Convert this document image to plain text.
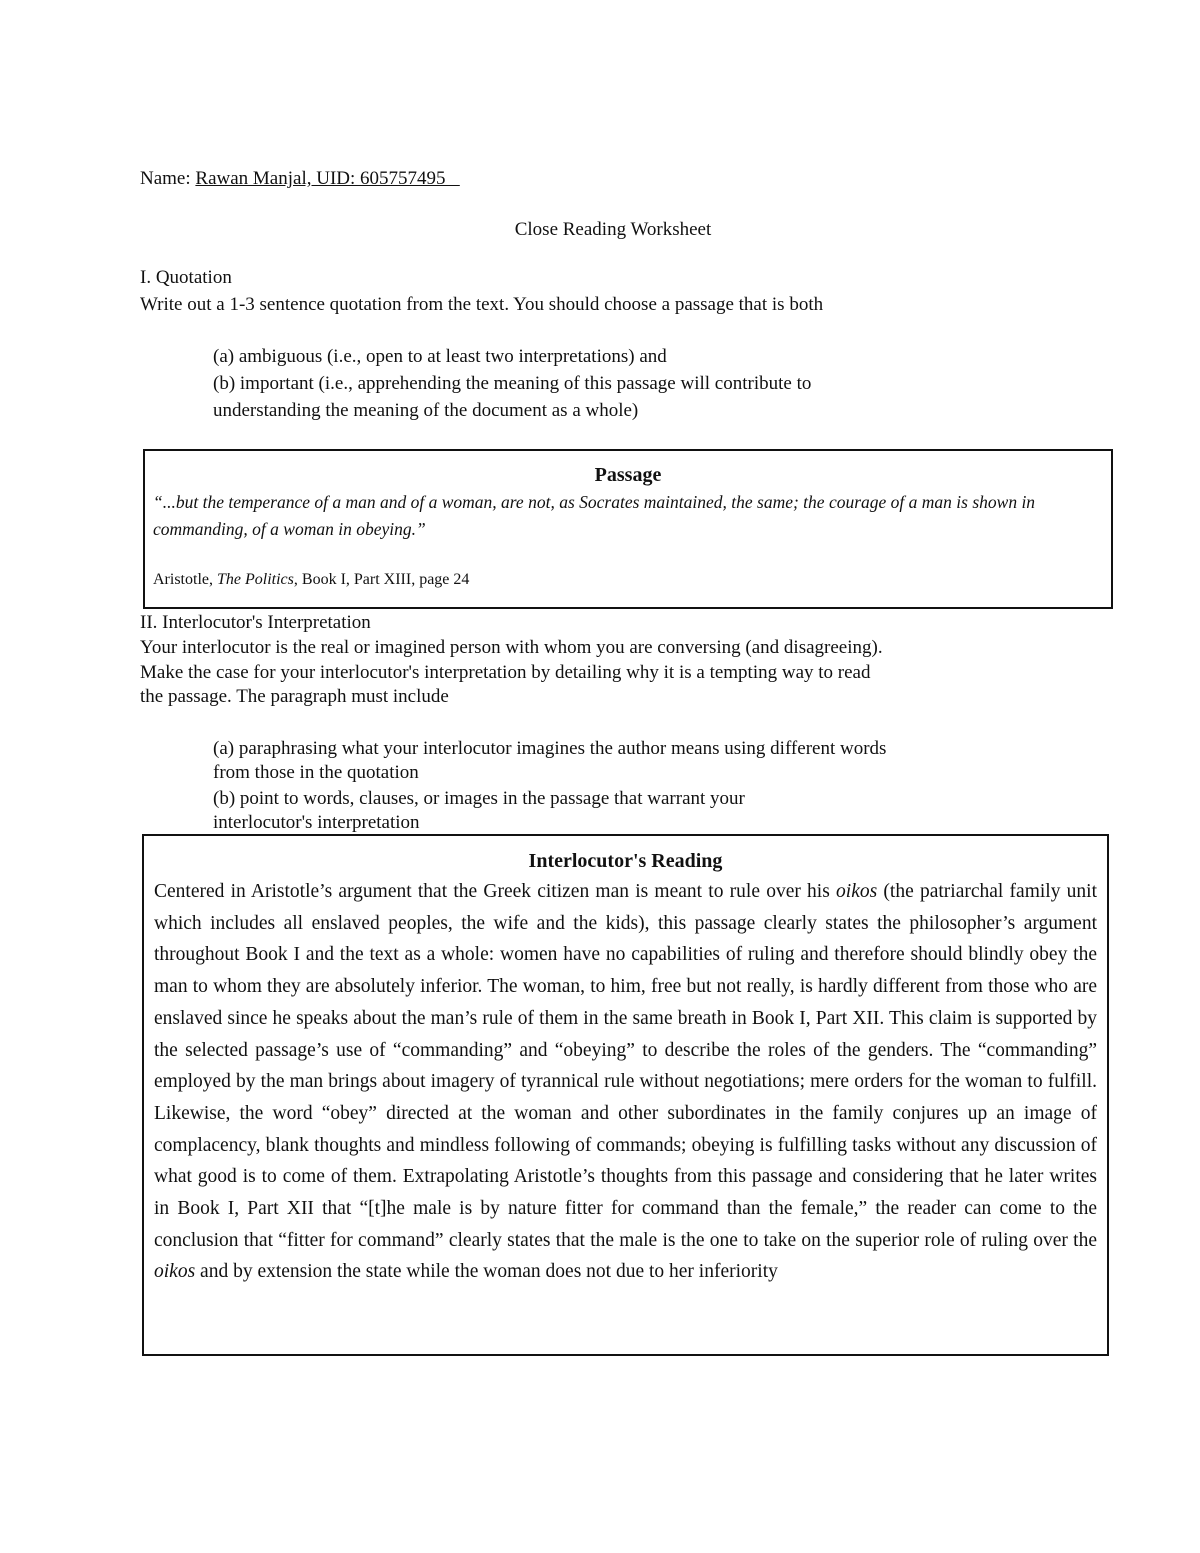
Name: Rawan Manjal, UID: 605757495
Close Reading Worksheet
I. Quotation
Write out a 1-3 sentence quotation from the text. You should choose a passage that is both
(a) ambiguous (i.e., open to at least two interpretations) and
(b) important (i.e., apprehending the meaning of this passage will contribute to
understanding the meaning of the document as a whole)
Passage
“...but the temperance of a man and of a woman, are not, as Socrates maintained, the same; the courage of a man is shown in commanding, of a woman in obeying.”
Aristotle, The Politics, Book I, Part XIII, page 24
II. Interlocutor's Interpretation
Your interlocutor is the real or imagined person with whom you are conversing (and disagreeing).
Make the case for your interlocutor's interpretation by detailing why it is a tempting way to read
the passage. The paragraph must include
(a) paraphrasing what your interlocutor imagines the author means using different words
from those in the quotation
(b) point to words, clauses, or images in the passage that warrant your
interlocutor's interpretation
Interlocutor's Reading
Centered in Aristotle’s argument that the Greek citizen man is meant to rule over his oikos (the patriarchal family unit which includes all enslaved peoples, the wife and the kids), this passage clearly states the philosopher’s argument throughout Book I and the text as a whole: women have no capabilities of ruling and therefore should blindly obey the man to whom they are absolutely inferior. The woman, to him, free but not really, is hardly different from those who are enslaved since he speaks about the man’s rule of them in the same breath in Book I, Part XII. This claim is supported by the selected passage’s use of “commanding” and “obeying” to describe the roles of the genders. The “commanding” employed by the man brings about imagery of tyrannical rule without negotiations; mere orders for the woman to fulfill. Likewise, the word “obey” directed at the woman and other subordinates in the family conjures up an image of complacency, blank thoughts and mindless following of commands; obeying is fulfilling tasks without any discussion of what good is to come of them. Extrapolating Aristotle’s thoughts from this passage and considering that he later writes in Book I, Part XII that “[t]he male is by nature fitter for command than the female,” the reader can come to the conclusion that “fitter for command” clearly states that the male is the one to take on the superior role of ruling over the oikos and by extension the state while the woman does not due to her inferiority
